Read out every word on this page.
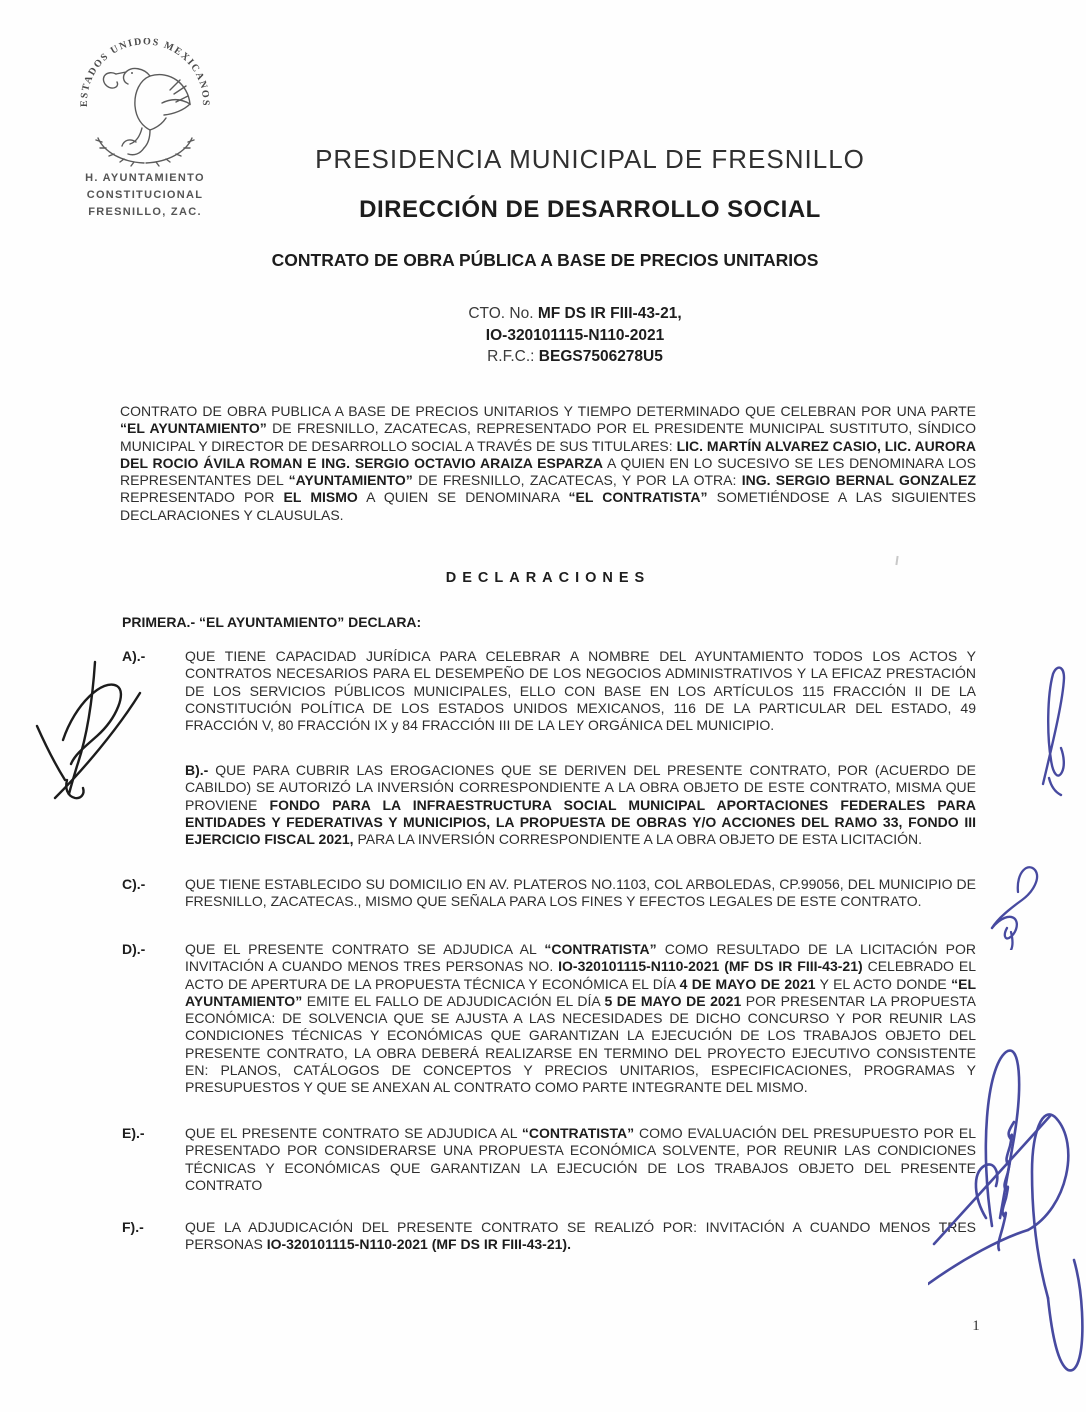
ESTADOS UNIDOS MEXICANOS
H. AYUNTAMIENTO
CONSTITUCIONAL
FRESNILLO, ZAC.
PRESIDENCIA MUNICIPAL DE FRESNILLO
DIRECCIÓN DE DESARROLLO SOCIAL
CONTRATO DE OBRA PÚBLICA A BASE DE PRECIOS UNITARIOS
CTO. No. MF DS IR FIII-43-21,
IO-320101115-N110-2021
R.F.C.: BEGS7506278U5
CONTRATO DE OBRA PUBLICA A BASE DE PRECIOS UNITARIOS Y TIEMPO DETERMINADO QUE CELEBRAN POR UNA PARTE “EL AYUNTAMIENTO” DE FRESNILLO, ZACATECAS, REPRESENTADO POR EL PRESIDENTE MUNICIPAL SUSTITUTO, SÍNDICO MUNICIPAL Y DIRECTOR DE DESARROLLO SOCIAL A TRAVÉS DE SUS TITULARES: LIC. MARTÍN ALVAREZ CASIO, LIC. AURORA DEL ROCIO ÁVILA ROMAN E ING. SERGIO OCTAVIO ARAIZA ESPARZA A QUIEN EN LO SUCESIVO SE LES DENOMINARA LOS REPRESENTANTES DEL “AYUNTAMIENTO” DE FRESNILLO, ZACATECAS, Y POR LA OTRA: ING. SERGIO BERNAL GONZALEZ REPRESENTADO POR EL MISMO A QUIEN SE DENOMINARA “EL CONTRATISTA” SOMETIÉNDOSE A LAS SIGUIENTES DECLARACIONES Y CLAUSULAS.
DECLARACIONES
PRIMERA.- “EL AYUNTAMIENTO” DECLARA:
A).-	QUE TIENE CAPACIDAD JURÍDICA PARA CELEBRAR A NOMBRE DEL AYUNTAMIENTO TODOS LOS ACTOS Y CONTRATOS NECESARIOS PARA EL DESEMPEÑO DE LOS NEGOCIOS ADMINISTRATIVOS Y LA EFICAZ PRESTACIÓN DE LOS SERVICIOS PÚBLICOS MUNICIPALES, ELLO CON BASE EN LOS ARTÍCULOS 115 FRACCIÓN II DE LA CONSTITUCIÓN POLÍTICA DE LOS ESTADOS UNIDOS MEXICANOS, 116 DE LA PARTICULAR DEL ESTADO, 49 FRACCIÓN V, 80 FRACCIÓN IX y 84 FRACCIÓN III DE LA LEY ORGÁNICA DEL MUNICIPIO.
B).- QUE PARA CUBRIR LAS EROGACIONES QUE SE DERIVEN DEL PRESENTE CONTRATO, POR (ACUERDO DE CABILDO) SE AUTORIZÓ LA INVERSIÓN CORRESPONDIENTE A LA OBRA OBJETO DE ESTE CONTRATO, MISMA QUE PROVIENE FONDO PARA LA INFRAESTRUCTURA SOCIAL MUNICIPAL APORTACIONES FEDERALES PARA ENTIDADES Y FEDERATIVAS Y MUNICIPIOS, LA PROPUESTA DE OBRAS Y/O ACCIONES DEL RAMO 33, FONDO III EJERCICIO FISCAL 2021, PARA LA INVERSIÓN CORRESPONDIENTE A LA OBRA OBJETO DE ESTA LICITACIÓN.
C).-	QUE TIENE ESTABLECIDO SU DOMICILIO EN AV. PLATEROS NO.1103, COL ARBOLEDAS, CP.99056, DEL MUNICIPIO DE FRESNILLO, ZACATECAS., MISMO QUE SEÑALA PARA LOS FINES Y EFECTOS LEGALES DE ESTE CONTRATO.
D).-	QUE EL PRESENTE CONTRATO SE ADJUDICA AL “CONTRATISTA” COMO RESULTADO DE LA LICITACIÓN POR INVITACIÓN A CUANDO MENOS TRES PERSONAS NO. IO-320101115-N110-2021 (MF DS IR FIII-43-21) CELEBRADO EL ACTO DE APERTURA DE LA PROPUESTA TÉCNICA Y ECONÓMICA EL DÍA 4 DE MAYO DE 2021 Y EL ACTO DONDE “EL AYUNTAMIENTO” EMITE EL FALLO DE ADJUDICACIÓN EL DÍA 5 DE MAYO DE 2021 POR PRESENTAR LA PROPUESTA ECONÓMICA: DE SOLVENCIA QUE SE AJUSTA A LAS NECESIDADES DE DICHO CONCURSO Y POR REUNIR LAS CONDICIONES TÉCNICAS Y ECONÓMICAS QUE GARANTIZAN LA EJECUCIÓN DE LOS TRABAJOS OBJETO DEL PRESENTE CONTRATO, LA OBRA DEBERÁ REALIZARSE EN TERMINO DEL PROYECTO EJECUTIVO CONSISTENTE EN: PLANOS, CATÁLOGOS DE CONCEPTOS Y PRECIOS UNITARIOS, ESPECIFICACIONES, PROGRAMAS Y PRESUPUESTOS Y QUE SE ANEXAN AL CONTRATO COMO PARTE INTEGRANTE DEL MISMO.
E).-	QUE EL PRESENTE CONTRATO SE ADJUDICA AL “CONTRATISTA” COMO EVALUACIÓN DEL PRESUPUESTO POR EL PRESENTADO POR CONSIDERARSE UNA PROPUESTA ECONÓMICA SOLVENTE, POR REUNIR LAS CONDICIONES TÉCNICAS Y ECONÓMICAS QUE GARANTIZAN LA EJECUCIÓN DE LOS TRABAJOS OBJETO DEL PRESENTE CONTRATO
F).-	QUE LA ADJUDICACIÓN DEL PRESENTE CONTRATO SE REALIZÓ POR: INVITACIÓN A CUANDO MENOS TRES PERSONAS IO-320101115-N110-2021 (MF DS IR FIII-43-21).
1
